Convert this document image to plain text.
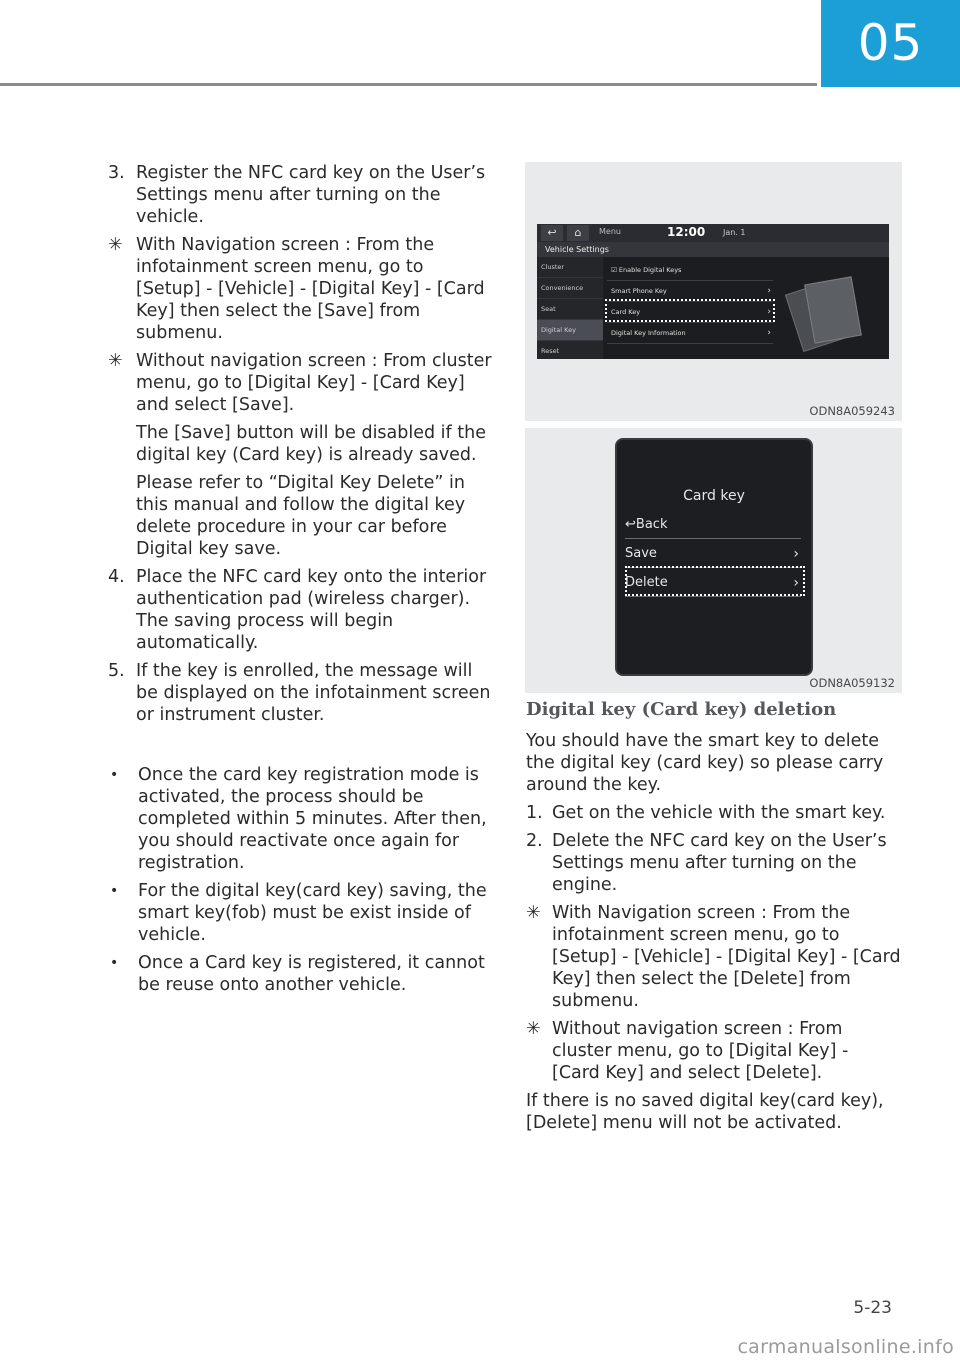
05
3. Register the NFC card key on the User’s Settings menu after turning on the vehicle.
✳ With Navigation screen : From the infotainment screen menu, go to [Setup] - [Vehicle] - [Digital Key] - [Card Key] then select the [Save] from submenu.
✳ Without navigation screen : From cluster menu, go to [Digital Key] - [Card Key] and select [Save].
The [Save] button will be disabled if the digital key (Card key) is already saved.
Please refer to “Digital Key Delete” in this manual and follow the digital key delete procedure in your car before Digital key save.
4. Place the NFC card key onto the interior authentication pad (wireless charger). The saving process will begin automatically.
5. If the key is enrolled, the message will be displayed on the infotainment screen or instrument cluster.
•	Once the card key registration mode is activated, the process should be completed within 5 minutes. After then, you should reactivate once again for registration.
•	For the digital key(card key) saving, the smart key(fob) must be exist inside of vehicle.
•	Once a Card key is registered, it cannot be reuse onto another vehicle.
↩	⌂	Menu	12:00 Jan. 1
Vehicle Settings
Cluster
Convenience
Seat
Digital Key
Reset
☑ Enable Digital Keys
Smart Phone Key	›
Card Key	›
Digital Key Information	›
ODN8A059243
Card key
↩Back
Save	›
Delete	›
ODN8A059132
Digital key (Card key) deletion
You should have the smart key to delete the digital key (card key) so please carry around the key.
1. Get on the vehicle with the smart key.
2. Delete the NFC card key on the User’s Settings menu after turning on the engine.
✳ With Navigation screen : From the infotainment screen menu, go to [Setup] - [Vehicle] - [Digital Key] - [Card Key] then select the [Delete] from submenu.
✳ Without navigation screen : From cluster menu, go to [Digital Key] - [Card Key] and select [Delete].
If there is no saved digital key(card key), [Delete] menu will not be activated.
5-23
carmanualsonline.info
